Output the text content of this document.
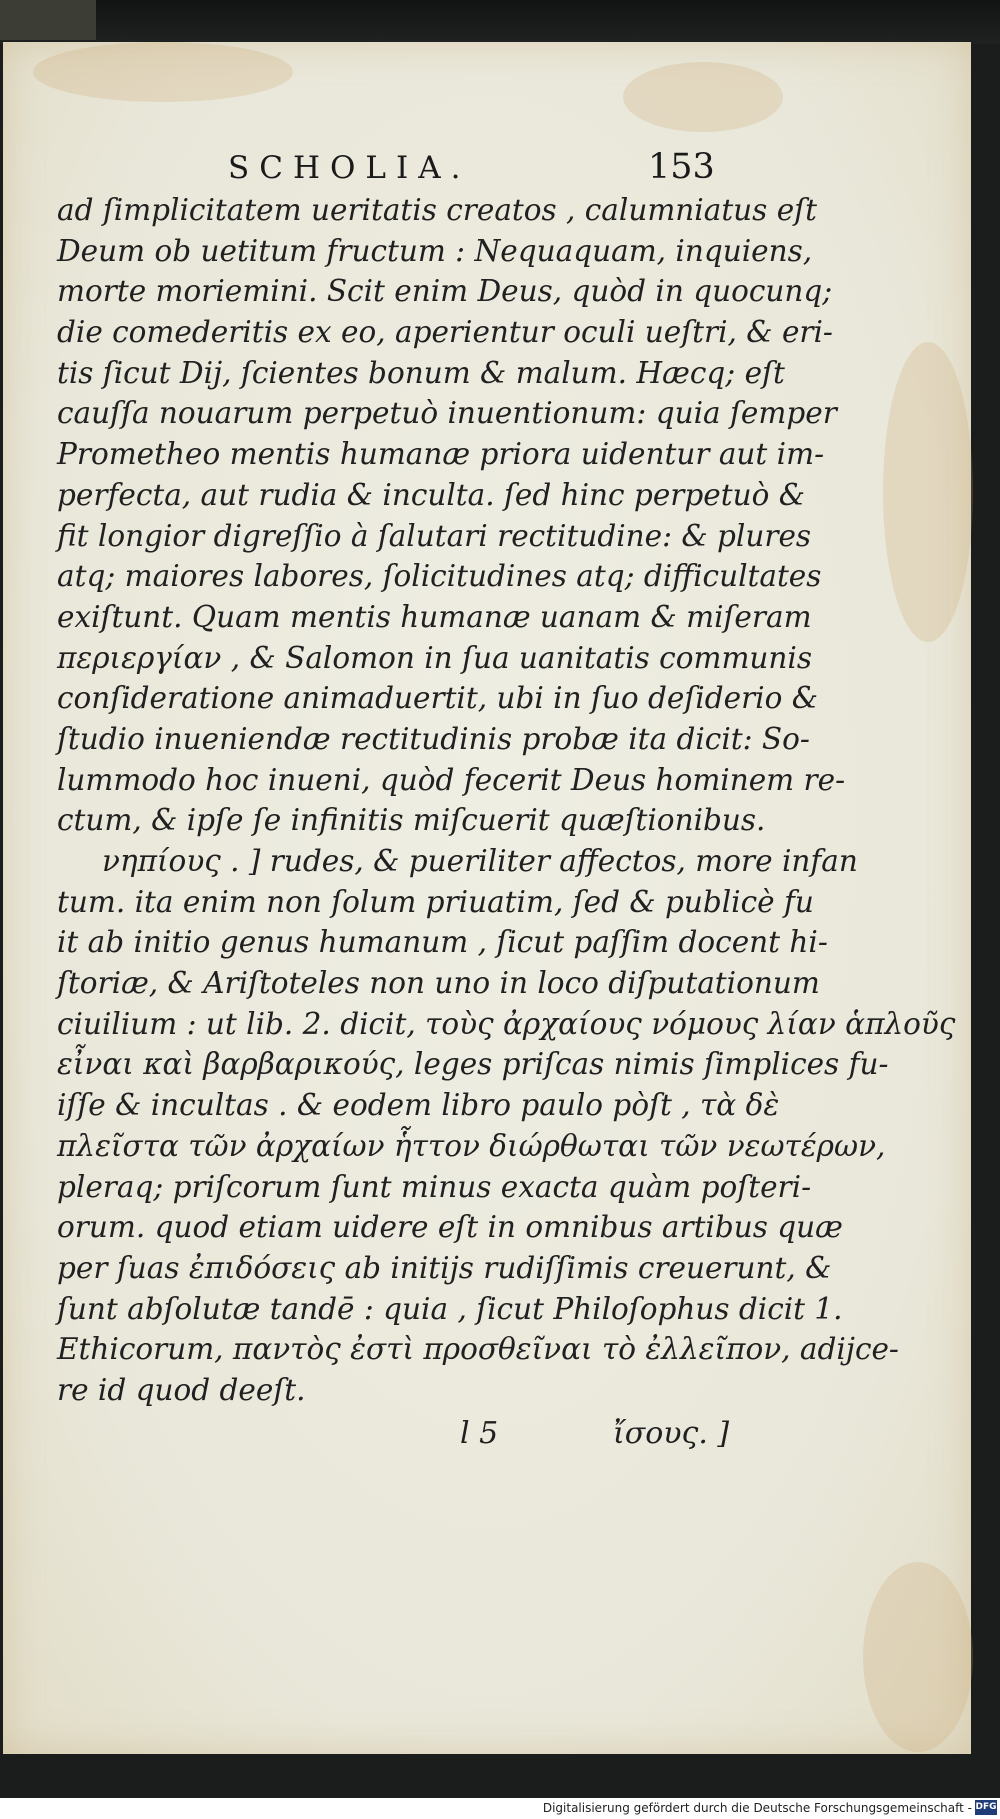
SCHOLIA.	153
ad ſimplicitatem ueritatis creatos , calumniatus eſt
Deum ob uetitum fructum : Nequaquam, inquiens,
morte moriemini. Scit enim Deus, quòd in quocunq;
die comederitis ex eo, aperientur oculi ueſtri, & eri-
tis ſicut Dij, ſcientes bonum & malum. Hæcq; eſt
cauſſa nouarum perpetuò inuentionum: quia ſemper
Prometheo mentis humanæ priora uidentur aut im-
perfecta, aut rudia & inculta. ſed hinc perpetuò &
fit longior digreſſio à ſalutari rectitudine: & plures
atq; maiores labores, ſolicitudines atq; difficultates
exiſtunt. Quam mentis humanæ uanam & miſeram
περιεργίαν , & Salomon in ſua uanitatis communis
conſideratione animaduertit, ubi in ſuo deſiderio &
ſtudio inueniendæ rectitudinis probæ ita dicit: So-
lummodo hoc inueni, quòd fecerit Deus hominem re-
ctum, & ipſe ſe infinitis miſcuerit quæſtionibus.
νηπίους . ] rudes, & pueriliter affectos, more infan
tum. ita enim non ſolum priuatim, ſed & publicè fu
it ab initio genus humanum , ſicut paſſim docent hi-
ſtoriæ, & Ariſtoteles non uno in loco diſputationum
ciuilium : ut lib. 2. dicit, τοὺς ἀρχαίους νόμους λίαν ἁπλοῦς
εἶναι καὶ βαρβαρικούς, leges priſcas nimis ſimplices fu-
iſſe & incultas . & eodem libro paulo pòſt , τὰ δὲ
πλεῖστα τῶν ἀρχαίων ἧττον διώρθωται τῶν νεωτέρων,
pleraq; priſcorum ſunt minus exacta quàm poſteri-
orum. quod etiam uidere eſt in omnibus artibus quæ
per ſuas ἐπιδόσεις ab initijs rudiſſimis creuerunt, &
ſunt abſolutæ tandē : quia , ſicut Philoſophus dicit 1.
Ethicorum, παντὸς ἐστὶ προσθεῖναι τὸ ἐλλεῖπον, adijce-
re id quod deeſt.
l 5	ἴσους. ]
Digitalisierung gefördert durch die Deutsche Forschungsgemeinschaft - DFG
